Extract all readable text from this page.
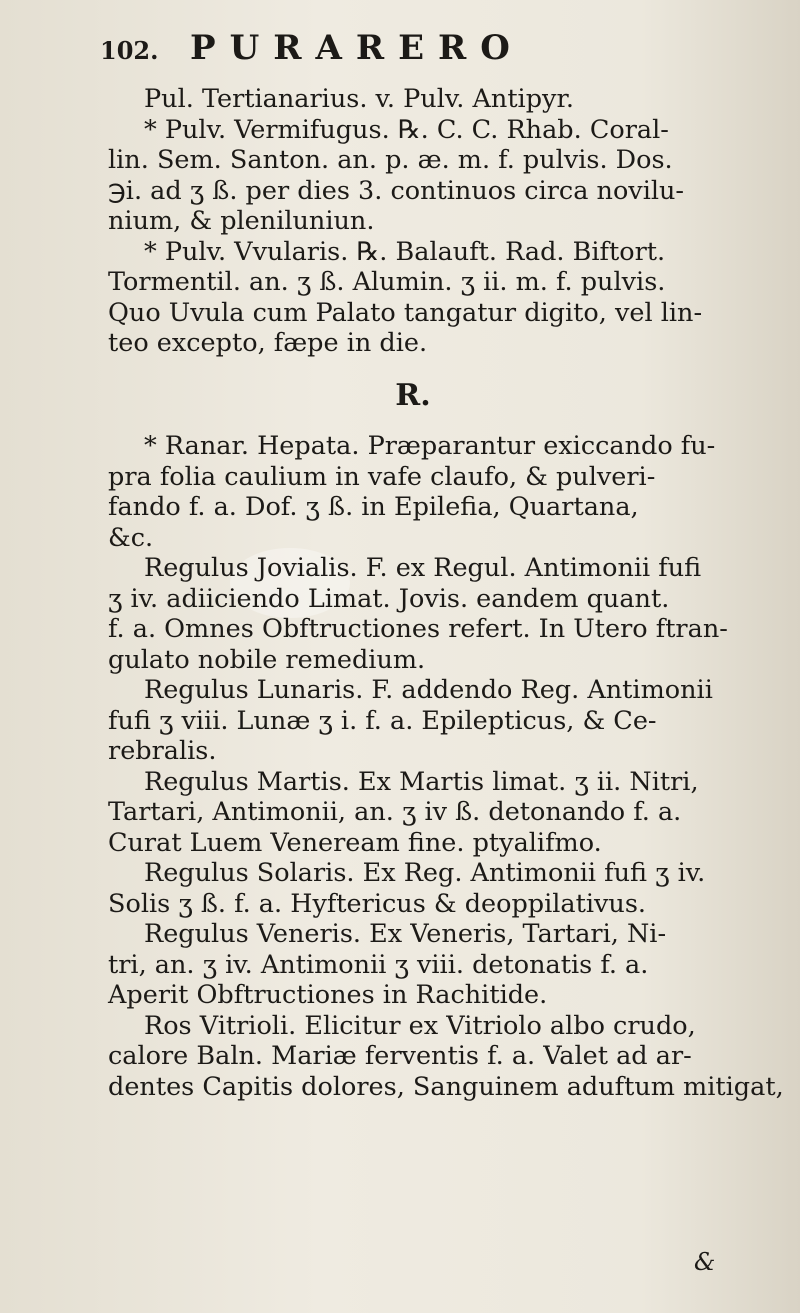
102. PURARERO
Pul. Tertianarius. v. Pulv. Antipyr.
* Pulv. Vermifugus. ℞. C. C. Rhab. Coral-
lin. Sem. Santon. an. p. æ. m. f. pulvis. Dos.
℈i. ad ʒ ß. per dies 3. continuos circa novilu-
nium, & pleniluniun.
* Pulv. Vvularis. ℞. Balauft. Rad. Biftort.
Tormentil. an. ʒ ß. Alumin. ʒ ii. m. f. pulvis.
Quo Uvula cum Palato tangatur digito, vel lin-
teo excepto, fæpe in die.
R.
* Ranar. Hepata. Præparantur exiccando fu-
pra folia caulium in vafe claufo, & pulveri-
fando f. a. Dof. ʒ ß. in Epilefia, Quartana,
&c.
Regulus Jovialis. F. ex Regul. Antimonii fufi
ʒ iv. adiiciendo Limat. Jovis. eandem quant.
f. a. Omnes Obftructiones refert. In Utero ftran-
gulato nobile remedium.
Regulus Lunaris. F. addendo Reg. Antimonii
fufi ʒ viii. Lunæ ʒ i. f. a. Epilepticus, & Ce-
rebralis.
Regulus Martis. Ex Martis limat. ʒ ii. Nitri,
Tartari, Antimonii, an. ʒ iv ß. detonando f. a.
Curat Luem Veneream fine. ptyalifmo.
Regulus Solaris. Ex Reg. Antimonii fufi ʒ iv.
Solis ʒ ß. f. a. Hyftericus & deoppilativus.
Regulus Veneris. Ex Veneris, Tartari, Ni-
tri, an. ʒ iv. Antimonii ʒ viii. detonatis f. a.
Aperit Obftructiones in Rachitide.
Ros Vitrioli. Elicitur ex Vitriolo albo crudo,
calore Baln. Mariæ ferventis f. a. Valet ad ar-
dentes Capitis dolores, Sanguinem aduftum mitigat,
&
